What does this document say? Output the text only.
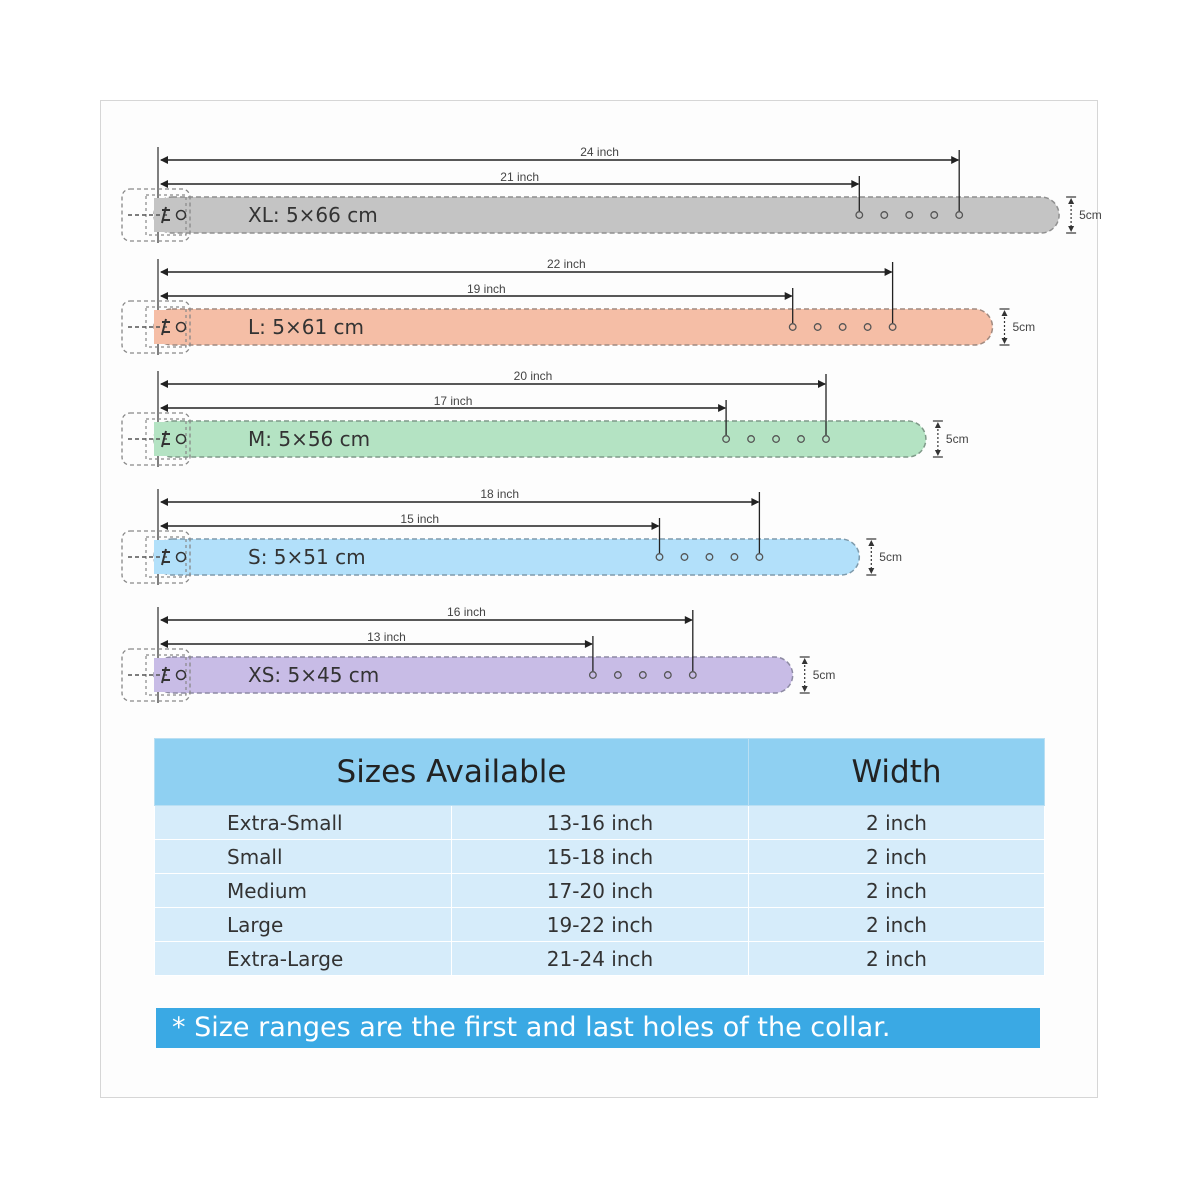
XL: 5×66 cm
24 inch
21 inch
5cm
L: 5×61 cm
22 inch
19 inch
5cm
M: 5×56 cm
20 inch
17 inch
5cm
S: 5×51 cm
18 inch
15 inch
5cm
XS: 5×45 cm
16 inch
13 inch
5cm
Sizes Available		Width
Extra-Small	13-16 inch	2 inch
Small	15-18 inch	2 inch
Medium	17-20 inch	2 inch
Large	19-22 inch	2 inch
Extra-Large	21-24 inch	2 inch
* Size ranges are the first and last holes of the collar.
